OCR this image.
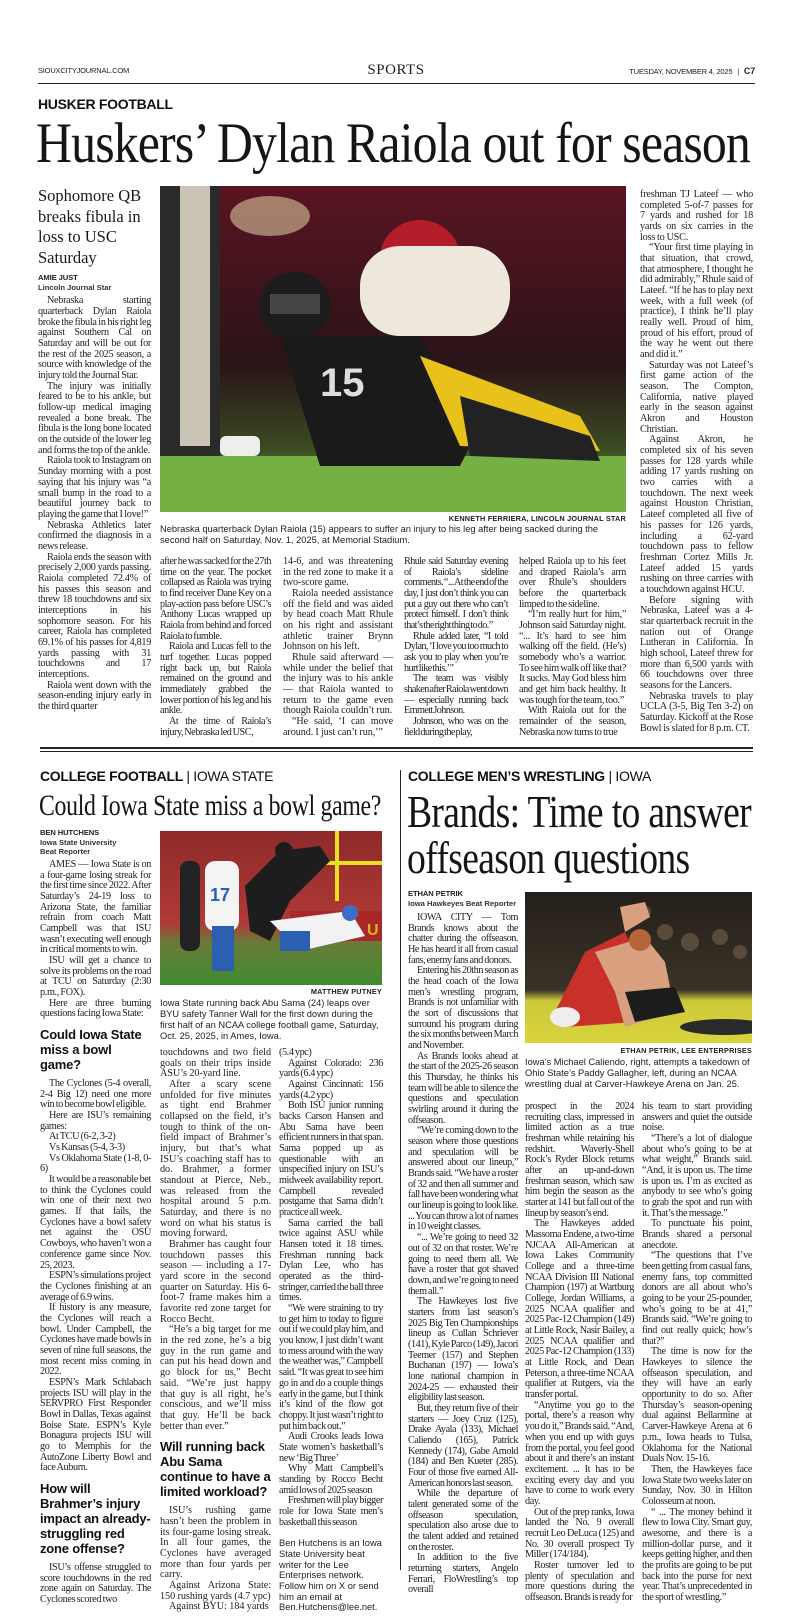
SIOUXCITYJOURNAL.COM	SPORTS	TUESDAY, NOVEMBER 4, 2025 | C7
HUSKER FOOTBALL
Huskers’ Dylan Raiola out for season
Sophomore QB breaks fibula in loss to USC Saturday
AMIE JUST
Lincoln Journal Star

Nebraska starting quarterback Dylan Raiola broke the fibula in his right leg against Southern Cal on Saturday and will be out for the rest of the 2025 season, a source with knowledge of the injury told the Journal Star.

The injury was initially feared to be to his ankle, but follow-up medical imaging revealed a bone break. The fibula is the long bone located on the outside of the lower leg and forms the top of the ankle.

Raiola took to Instagram on Sunday morning with a post saying that his injury was “a small bump in the road to a beautiful journey back to playing the game that I love!”

Nebraska Athletics later confirmed the diagnosis in a news release.

Raiola ends the season with precisely 2,000 yards passing. Raiola completed 72.4% of his passes this season and threw 18 touchdowns and six interceptions in his sophomore season. For his career, Raiola has completed 69.1% of his passes for 4,819 yards passing with 31 touchdowns and 17 interceptions.

Raiola went down with the season-ending injury early in the third quarter

15
KENNETH FERRIERA, LINCOLN JOURNAL STAR
Nebraska quarterback Dylan Raiola (15) appears to suffer an injury to his leg after being sacked during the second half on Saturday, Nov. 1, 2025, at Memorial Stadium.

after he was sacked for the 27th time on the year. The pocket collapsed as Raiola was trying to find receiver Dane Key on a play-action pass before USC’s Anthony Lucas wrapped up Raiola from behind and forced Raiola to fumble.

Raiola and Lucas fell to the turf together. Lucas popped right back up, but Raiola remained on the ground and immediately grabbed the lower portion of his leg and his ankle.

At the time of Raiola’s injury, Nebraska led USC,

14-6, and was threatening in the red zone to make it a two-score game.

Raiola needed assistance off the field and was aided by head coach Matt Rhule on his right and assistant athletic trainer Brynn Johnson on his left.

Rhule said afterward — while under the belief that the injury was to his ankle — that Raiola wanted to return to the game even though Raiola couldn’t run.

“He said, ‘I can move around. I just can’t run,’”

Rhule said Saturday evening of Raiola’s sideline comments. “... At the end of the day, I just don’t think you can put a guy out there who can’t protect himself. I don’t think that’s the right thing to do.”

Rhule added later, “I told Dylan, ‘I love you too much to ask you to play when you’re hurt like this.’”

The team was visibly shaken after Raiola went down — especially running back Emmett Johnson.

Johnson, who was on the field during the play,

helped Raiola up to his feet and draped Raiola’s arm over Rhule’s shoulders before the quarterback limped to the sideline.

“I’m really hurt for him,” Johnson said Saturday night. “... It’s hard to see him walking off the field. (He’s) somebody who’s a warrior. To see him walk off like that? It sucks. May God bless him and get him back healthy. It was tough for the team, too.”

With Raiola out for the remainder of the season, Nebraska now turns to true

freshman TJ Lateef — who completed 5-of-7 passes for 7 yards and rushed for 18 yards on six carries in the loss to USC.

“Your first time playing in that situation, that crowd, that atmosphere, I thought he did admirably,” Rhule said of Lateef. “If he has to play next week, with a full week (of practice), I think he’ll play really well. Proud of him, proud of his effort, proud of the way he went out there and did it.”

Saturday was not Lateef’s first game action of the season. The Compton, California, native played early in the season against Akron and Houston Christian.

Against Akron, he completed six of his seven passes for 128 yards while adding 17 yards rushing on two carries with a touchdown. The next week against Houston Christian, Lateef completed all five of his passes for 126 yards, including a 62-yard touchdown pass to fellow freshman Cortez Mills Jr. Lateef added 15 yards rushing on three carries with a touchdown against HCU.

Before signing with Nebraska, Lateef was a 4-star quarterback recruit in the nation out of Orange Lutheran in California. In high school, Lateef threw for more than 6,500 yards with 66 touchdowns over three seasons for the Lancers.

Nebraska travels to play UCLA (3-5, Big Ten 3-2) on Saturday. Kickoff at the Rose Bowl is slated for 8 p.m. CT.

COLLEGE FOOTBALL | IOWA STATE
Could Iowa State miss a bowl game?
BEN HUTCHENS
Iowa State University
Beat Reporter

AMES — Iowa State is on a four-game losing streak for the first time since 2022. After Saturday’s 24-19 loss to Arizona State, the familiar refrain from coach Matt Campbell was that ISU wasn’t executing well enough in critical moments to win.

ISU will get a chance to solve its problems on the road at TCU on Saturday (2:30 p.m., FOX).

Here are three burning questions facing Iowa State:

Could Iowa State miss a bowl game?

The Cyclones (5-4 overall, 2-4 Big 12) need one more win to become bowl eligible.

Here are ISU’s remaining games:

At TCU (6-2, 3-2)

Vs Kansas (5-4, 3-3)

Vs Oklahoma State (1-8, 0-6)

It would be a reasonable bet to think the Cyclones could win one of their next two games. If that fails, the Cyclones have a bowl safety net against the OSU Cowboys, who haven’t won a conference game since Nov. 25, 2023.

ESPN’s simulations project the Cyclones finishing at an average of 6.9 wins.

If history is any measure, the Cyclones will reach a bowl. Under Campbell, the Cyclones have made bowls in seven of nine full seasons, the most recent miss coming in 2022.

ESPN’s Mark Schlabach projects ISU will play in the SERVPRO First Responder Bowl in Dallas, Texas against Boise State. ESPN’s Kyle Bonagura projects ISU will go to Memphis for the AutoZone Liberty Bowl and face Auburn.

How will Brahmer’s injury impact an already-struggling red zone offense?

ISU’s offense struggled to score touchdowns in the red zone again on Saturday. The Cyclones scored two

17
U
MATTHEW PUTNEY
Iowa State running back Abu Sama (24) leaps over BYU safety Tanner Wall for the first down during the first half of an NCAA college football game, Saturday, Oct. 25, 2025, in Ames, Iowa.

touchdowns and two field goals on their trips inside ASU’s 20-yard line.

After a scary scene unfolded for five minutes as tight end Brahmer collapsed on the field, it’s tough to think of the on-field impact of Brahmer’s injury, but that’s what ISU’s coaching staff has to do. Brahmer, a former standout at Pierce, Neb., was released from the hospital around 5 p.m. Saturday, and there is no word on what his status is moving forward.

Brahmer has caught four touchdown passes this season — including a 17-yard score in the second quarter on Saturday. His 6-foot-7 frame makes him a favorite red zone target for Rocco Becht.

“He’s a big target for me in the red zone, he’s a big guy in the run game and can put his head down and go block for us,” Becht said. “We’re just happy that guy is all right, he’s conscious, and we’ll miss that guy. He’ll be back better than ever.”

Will running back Abu Sama continue to have a limited workload?

ISU’s rushing game hasn’t been the problem in its four-game losing streak. In all four games, the Cyclones have averaged more than four yards per carry.

Against Arizona State: 150 rushing yards (4.7 ypc)

Against BYU: 184 yards

(5.4 ypc)

Against Colorado: 236 yards (6.4 ypc)

Against Cincinnati: 156 yards (4.2 ypc)

Both ISU junior running backs Carson Hansen and Abu Sama have been efficient runners in that span. Sama popped up as questionable with an unspecified injury on ISU’s midweek availability report. Campbell revealed postgame that Sama didn’t practice all week.

Sama carried the ball twice against ASU while Hansen toted it 18 times. Freshman running back Dylan Lee, who has operated as the third-stringer, carried the ball three times.

“We were straining to try to get him to today to figure out if we could play him, and you know, I just didn’t want to mess around with the way the weather was,” Campbell said. “It was great to see him go in and do a couple things early in the game, but I think it’s kind of the flow got choppy. It just wasn’t right to put him back out.”

Audi Crooks leads Iowa State women’s basketball’s new ‘Big Three’

Why Matt Campbell’s standing by Rocco Becht amid lows of 2025 season

Freshmen will play bigger role for Iowa State men’s basketball this season

Ben Hutchens is an Iowa State University beat writer for the Lee Enterprises network. Follow him on X or send him an email at Ben.Hutchens@lee.net.

COLLEGE MEN’S WRESTLING | IOWA
Brands: Time to answer
offseason questions
ETHAN PETRIK
Iowa Hawkeyes Beat Reporter

IOWA CITY — Tom Brands knows about the chatter during the offseason. He has heard it all from casual fans, enemy fans and donors.

Entering his 20thn season as the head coach of the Iowa men’s wrestling program, Brands is not unfamiliar with the sort of discussions that surround his program during the six months between March and November.

As Brands looks ahead at the start of the 2025-26 season this Thursday, he thinks his team will be able to silence the questions and speculation swirling around it during the offseason.

“We’re coming down to the season where those questions and speculation will be answered about our lineup,” Brands said. “We have a roster of 32 and then all summer and fall have been wondering what our lineup is going to look like. ... You can throw a lot of names in 10 weight classes.

“... We’re going to need 32 out of 32 on that roster. We’re going to need them all. We have a roster that got shaved down, and we’re going to need them all.”

The Hawkeyes lost five starters from last season’s 2025 Big Ten Championships lineup as Cullan Schriever (141), Kyle Parco (149), Jacori Teemer (157) and Stephen Buchanan (197) — Iowa’s lone national champion in 2024-25 — exhausted their eligibility last season.

But, they return five of their starters — Joey Cruz (125), Drake Ayala (133), Michael Caliendo (165), Patrick Kennedy (174), Gabe Arnold (184) and Ben Kueter (285). Four of those five earned All-American honors last season.

While the departure of talent generated some of the offseason speculation, speculation also arose due to the talent added and retained on the roster.

In addition to the five returning starters, Angelo Ferrari, FloWrestling’s top overall

ETHAN PETRIK, LEE ENTERPRISES
Iowa’s Michael Caliendo, right, attempts a takedown of Ohio State’s Paddy Gallagher, left, during an NCAA wrestling dual at Carver-Hawkeye Arena on Jan. 25.

prospect in the 2024 recruiting class, impressed in limited action as a true freshman while retaining his redshirt. Waverly-Shell Rock’s Ryder Block returns after an up-and-down freshman season, which saw him begin the season as the starter at 141 but fall out of the lineup by season’s end.

The Hawkeyes added Massoma Endene, a two-time NJCAA All-American at Iowa Lakes Community College and a three-time NCAA Division III National Champion (197) at Wartburg College, Jordan Williams, a 2025 NCAA qualifier and 2025 Pac-12 Champion (149) at Little Rock, Nasir Bailey, a 2025 NCAA qualifier and 2025 Pac-12 Champion (133) at Little Rock, and Dean Peterson, a three-time NCAA qualifier at Rutgers, via the transfer portal.

“Anytime you go to the portal, there’s a reason why you do it,” Brands said. “And, when you end up with guys from the portal, you feel good about it and there’s an instant excitement. ... It has to be exciting every day and you have to come to work every day.

Out of the prep ranks, Iowa landed the No. 9 overall recruit Leo DeLuca (125) and No. 30 overall prospect Ty Miller (174/184).

Roster turnover led to plenty of speculation and more questions during the offseason. Brands is ready for

his team to start providing answers and quiet the outside noise.

“There’s a lot of dialogue about who’s going to be at what weight,” Brands said. “And, it is upon us. The time is upon us. I’m as excited as anybody to see who’s going to grab the spot and run with it. That’s the message.”

To punctuate his point, Brands shared a personal anecdote.

“The questions that I’ve been getting from casual fans, enemy fans, top committed donors are all about who’s going to be your 25-pounder, who’s going to be at 41,” Brands said. “We’re going to find out really quick; how’s that?”

The time is now for the Hawkeyes to silence the offseason speculation, and they will have an early opportunity to do so. After Thursday’s season-opening dual against Bellarmine at Carver-Hawkeye Arena at 6 p.m., Iowa heads to Tulsa, Oklahoma for the National Duals Nov. 15-16.

Then, the Hawkeyes face Iowa State two weeks later on Sunday, Nov. 30 in Hilton Colosseum at noon.

“ ... The money behind it flew to Iowa City. Smart guy, awesome, and there is a million-dollar purse, and it keeps getting higher, and then the profits are going to be put back into the purse for next year. That’s unprecedented in the sport of wrestling.”
